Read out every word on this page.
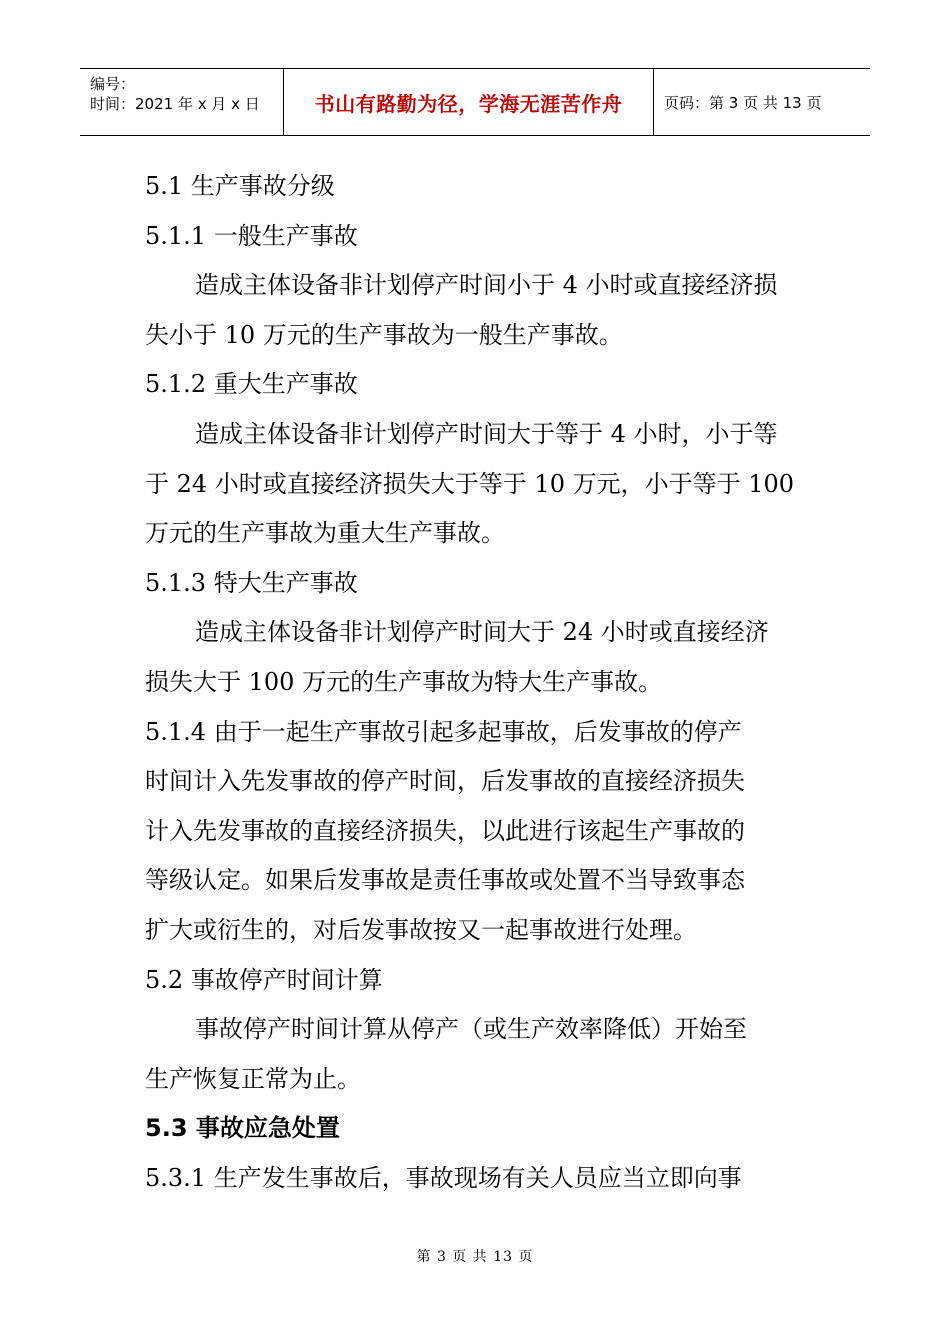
编号：
时间：2021 年 x 月 x 日	书山有路勤为径，学海无涯苦作舟	页码：第 3 页 共 13 页
5.1 生产事故分级
5.1.1 一般生产事故
造成主体设备非计划停产时间小于 4 小时或直接经济损
失小于 10 万元的生产事故为一般生产事故。
5.1.2 重大生产事故
造成主体设备非计划停产时间大于等于 4 小时，小于等
于 24 小时或直接经济损失大于等于 10 万元，小于等于 100
万元的生产事故为重大生产事故。
5.1.3 特大生产事故
造成主体设备非计划停产时间大于 24 小时或直接经济
损失大于 100 万元的生产事故为特大生产事故。
5.1.4 由于一起生产事故引起多起事故，后发事故的停产
时间计入先发事故的停产时间，后发事故的直接经济损失
计入先发事故的直接经济损失，以此进行该起生产事故的
等级认定。如果后发事故是责任事故或处置不当导致事态
扩大或衍生的，对后发事故按又一起事故进行处理。
5.2 事故停产时间计算
事故停产时间计算从停产（或生产效率降低）开始至
生产恢复正常为止。
5.3 事故应急处置
5.3.1 生产发生事故后，事故现场有关人员应当立即向事
第 3 页 共 13 页
